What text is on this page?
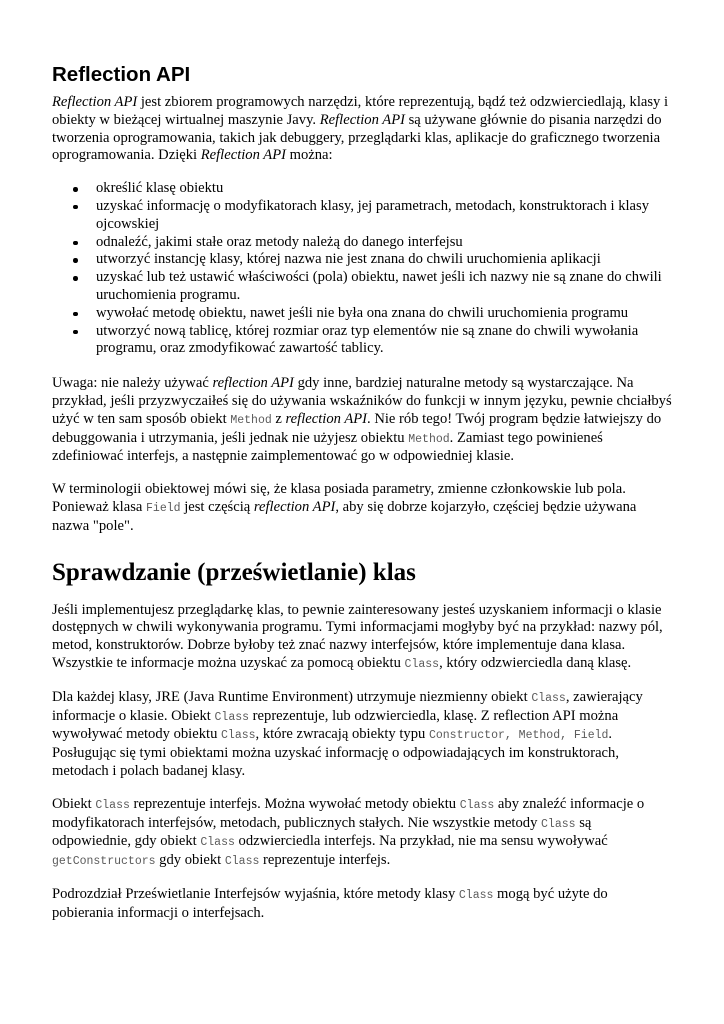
Reflection API

Reflection API jest zbiorem programowych narzędzi, które reprezentują, bądź też odzwierciedlają, klasy i obiekty w bieżącej wirtualnej maszynie Javy. Reflection API są używane głównie do pisania narzędzi do tworzenia oprogramowania, takich jak debuggery, przeglądarki klas, aplikacje do graficznego tworzenia oprogramowania. Dzięki Reflection API można:

określić klasę obiektu
uzyskać informację o modyfikatorach klasy, jej parametrach, metodach, konstruktorach i klasy ojcowskiej
odnaleźć, jakimi stałe oraz metody należą do danego interfejsu
utworzyć instancję klasy, której nazwa nie jest znana do chwili uruchomienia aplikacji
uzyskać lub też ustawić właściwości (pola) obiektu, nawet jeśli ich nazwy nie są znane do chwili uruchomienia programu.
wywołać metodę obiektu, nawet jeśli nie była ona znana do chwili uruchomienia programu
utworzyć nową tablicę, której rozmiar oraz typ elementów nie są znane do chwili wywołania programu, oraz zmodyfikować zawartość tablicy.

Uwaga: nie należy używać reflection API gdy inne, bardziej naturalne metody są wystarczające. Na przykład, jeśli przyzwyczaiłeś się do używania wskaźników do funkcji w innym języku, pewnie chciałbyś użyć w ten sam sposób obiekt Method z reflection API. Nie rób tego! Twój program będzie łatwiejszy do debuggowania i utrzymania, jeśli jednak nie użyjesz obiektu Method. Zamiast tego powinieneś zdefiniować interfejs, a następnie zaimplementować go w odpowiedniej klasie.

W terminologii obiektowej mówi się, że klasa posiada parametry, zmienne członkowskie lub pola. Ponieważ klasa Field jest częścią reflection API, aby się dobrze kojarzyło, częściej będzie używana nazwa "pole".

Sprawdzanie (prześwietlanie) klas

Jeśli implementujesz przeglądarkę klas, to pewnie zainteresowany jesteś uzyskaniem informacji o klasie dostępnych w chwili wykonywania programu. Tymi informacjami mogłyby być na przykład: nazwy pól, metod, konstruktorów. Dobrze byłoby też znać nazwy interfejsów, które implementuje dana klasa. Wszystkie te informacje można uzyskać za pomocą obiektu Class, który odzwierciedla daną klasę.

Dla każdej klasy, JRE (Java Runtime Environment) utrzymuje niezmienny obiekt Class, zawierający informacje o klasie. Obiekt Class reprezentuje, lub odzwierciedla, klasę. Z reflection API można wywoływać metody obiektu Class, które zwracają obiekty typu Constructor, Method, Field. Posługując się tymi obiektami można uzyskać informację o odpowiadających im konstruktorach, metodach i polach badanej klasy.

Obiekt Class reprezentuje interfejs. Można wywołać metody obiektu Class aby znaleźć informacje o modyfikatorach interfejsów, metodach, publicznych stałych. Nie wszystkie metody Class są odpowiednie, gdy obiekt Class odzwierciedla interfejs. Na przykład, nie ma sensu wywoływać getConstructors gdy obiekt Class reprezentuje interfejs.

Podrozdział Prześwietlanie Interfejsów wyjaśnia, które metody klasy Class mogą być użyte do pobierania informacji o interfejsach.
